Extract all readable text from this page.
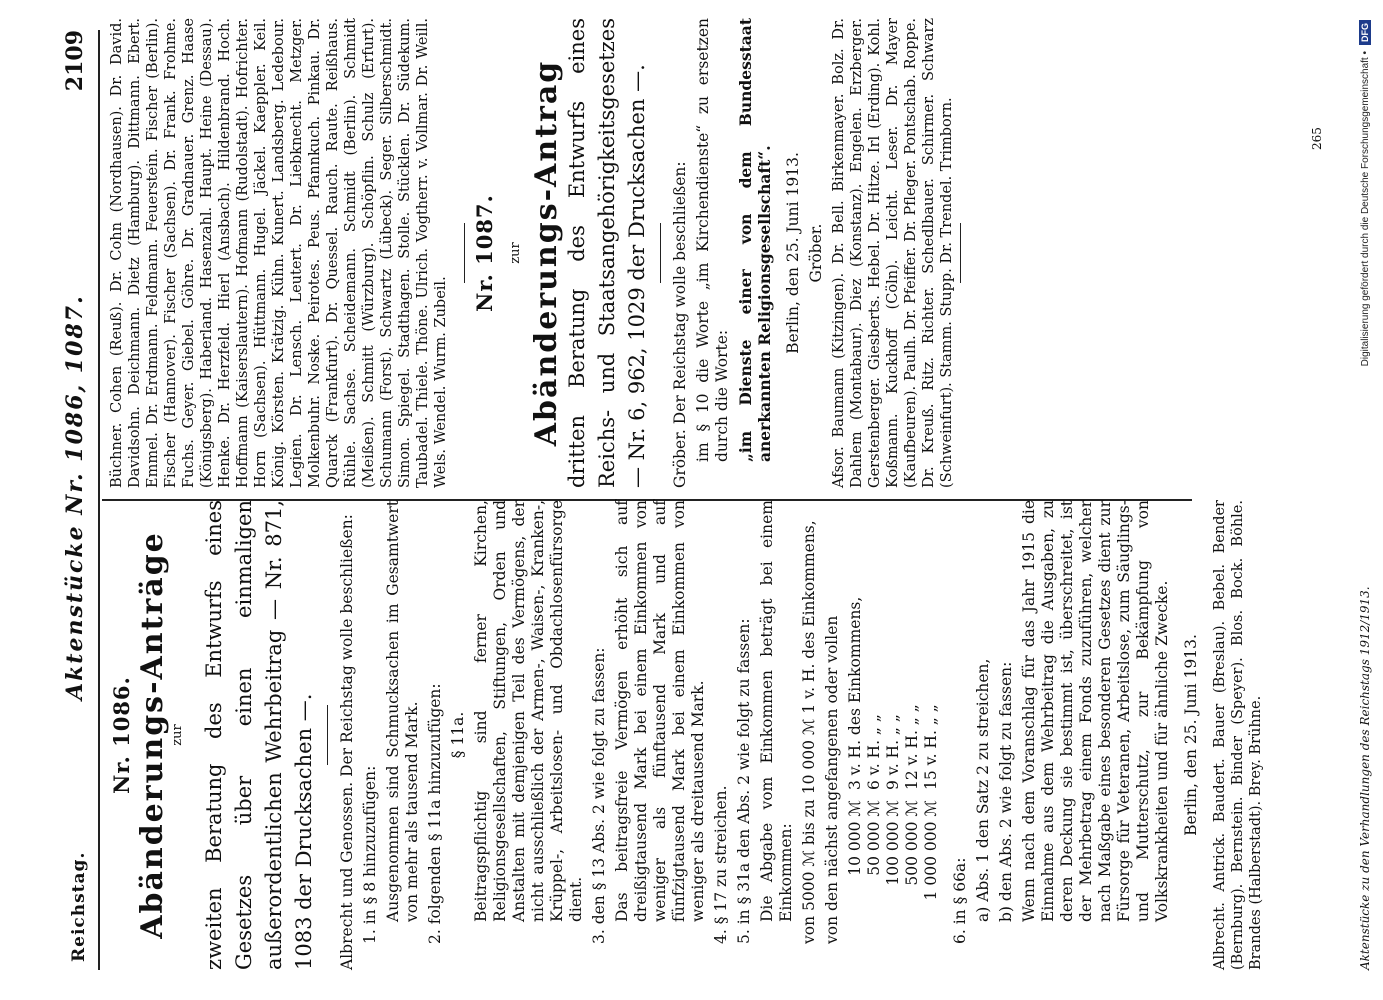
Reichstag.
Aktenstücke Nr. 1086, 1087.
2109
Nr. 1086. Abänderungs-Anträge zur zweiten Beratung des Entwurfs eines Gesetzes über einen einmaligen außerordentlichen Wehrbeitrag — Nr. 871, 1083 der Drucksachen —. Albrecht und Genossen. Der Reichstag wolle beschließen: 1. in § 8 hinzuzufügen: Ausgenommen sind Schmucksachen im Gesamtwert von mehr als tausend Mark. 2. folgenden § 11a hinzuzufügen: § 11a. Beitragspflichtig sind ferner Kirchen, Religionsgesellschaften, Stiftungen, Orden und Anstalten mit demjenigen Teil des Vermögens, der nicht ausschließlich der Armen-, Waisen-, Kranken-, Krüppel-, Arbeitslosen- und Obdachlosenfürsorge dient. 3. den § 13 Abs. 2 wie folgt zu fassen: Das beitragsfreie Vermögen erhöht sich auf dreißigtausend Mark bei einem Einkommen von weniger als fünftausend Mark und auf fünfzigtausend Mark bei einem Einkommen von weniger als dreitausend Mark. 4. § 17 zu streichen. 5. in § 31a den Abs. 2 wie folgt zu fassen: Die Abgabe vom Einkommen beträgt bei einem Einkommen: von 5000 ℳ bis zu 10 000 ℳ 1 v. H. des Einkommens, von den nächst angefangenen oder vollen 10 000 ℳ
3 v. H. des Einkommens,
50 000 ℳ
6 v. H. „ „
100 000 ℳ
9 v. H. „ „
500 000 ℳ
12 v. H. „ „
1 000 000 ℳ
15 v. H. „ „

6. in § 66a: a) Abs. 1 den Satz 2 zu streichen, b) den Abs. 2 wie folgt zu fassen: Wenn nach dem Voranschlag für das Jahr 1915 die Einnahme aus dem Wehrbeitrag die Ausgaben, zu deren Deckung sie bestimmt ist, überschreitet, ist der Mehrbetrag einem Fonds zuzuführen, welcher nach Maßgabe eines besonderen Gesetzes dient zur Fürsorge für Veteranen, Arbeitslose, zum Säuglings- und Mutterschutz, zur Bekämpfung von Volkskrankheiten und für ähnliche Zwecke. Berlin, den 25. Juni 1913. Albrecht. Antrick. Baudert. Bauer (Breslau). Bebel. Bender (Bernburg). Bernstein. Binder (Speyer). Blos. Bock. Böhle. Brandes (Halberstadt). Brey. Brühne.

Büchner. Cohen (Reuß). Dr. Cohn (Nordhausen). Dr. David. Davidsohn. Deichmann. Dietz (Hamburg). Dittmann. Ebert. Emmel. Dr. Erdmann. Feldmann. Feuerstein. Fischer (Berlin). Fischer (Hannover). Fischer (Sachsen). Dr. Frank. Frohme. Fuchs. Geyer. Giebel. Göhre. Dr. Gradnauer. Grenz. Haase (Königsberg). Haberland. Hasenzahl. Haupt. Heine (Dessau). Henke. Dr. Herzfeld. Hierl (Ansbach). Hildenbrand. Hoch. Hoffmann (Kaiserslautern). Hofmann (Rudolstadt). Hofrichter. Horn (Sachsen). Hüttmann. Hugel. Jäckel. Kaeppler. Keil. König. Körsten. Krätzig. Kühn. Kunert. Landsberg. Ledebour. Legien. Dr. Lensch. Leutert. Dr. Liebknecht. Metzger. Molkenbuhr. Noske. Peirotes. Peus. Pfannkuch. Pinkau. Dr. Quarck (Frankfurt). Dr. Quessel. Rauch. Raute. Reißhaus. Rühle. Sachse. Scheidemann. Schmidt (Berlin). Schmidt (Meißen). Schmitt (Würzburg). Schöpflin. Schulz (Erfurt). Schumann (Forst). Schwartz (Lübeck). Seger. Silberschmidt. Simon. Spiegel. Stadthagen. Stolle. Stücklen. Dr. Südekum. Taubadel. Thiele. Thöne. Ulrich. Vogtherr. v. Vollmar. Dr. Weill. Wels. Wendel. Wurm. Zubeil.

Nr. 1087. zur Abänderungs-Antrag dritten Beratung des Entwurfs eines Reichs- und Staatsangehörigkeitsgesetzes — Nr. 6, 962, 1029 der Drucksachen —. Gröber. Der Reichstag wolle beschließen: im § 10 die Worte „im Kirchendienste“ zu ersetzen durch die Worte: „im Dienste einer von dem Bundesstaat anerkannten Religionsgesellschaft“. Berlin, den 25. Juni 1913. Gröber. Afsor. Baumann (Kitzingen). Dr. Bell. Birkenmayer. Bolz. Dr. Dahlem (Montabaur). Diez (Konstanz). Engelen. Erzberger. Gerstenberger. Giesberts. Hebel. Dr. Hitze. Irl (Erding). Kohl. Koßmann. Kuckhoff (Cöln). Leicht. Leser. Dr. Mayer (Kaufbeuren). Paulh. Dr. Pfeiffer. Dr. Pfleger. Pontschab. Roppe. Dr. Kreuß. Ritz. Richter. Schedlbauer. Schirmer. Schwarz (Schweinfurt). Stamm. Stupp. Dr. Trendel. Trimborn.

Aktenstücke zu den Verhandlungen des Reichstags 1912/1913.
265	Digitalisierung gefördert durch die Deutsche Forschungsgemeinschaft •
DFG
